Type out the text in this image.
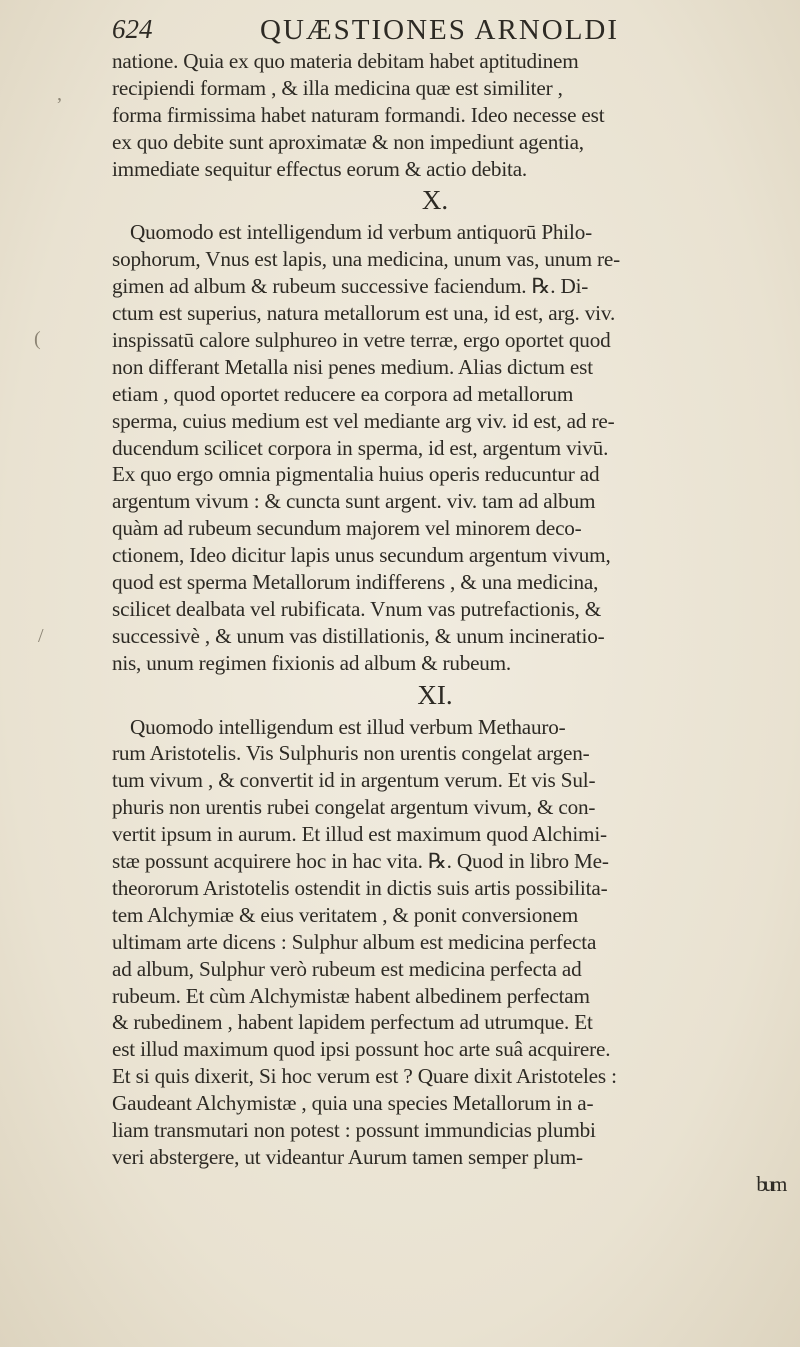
624	QUÆSTIONES ARNOLDI
,
(
/
natione. Quia ex quo materia debitam habet aptitudinem
recipiendi formam , & illa medicina quæ est similiter ,
forma firmissima habet naturam formandi. Ideo necesse est
ex quo debite sunt aproximatæ & non impediunt agentia,
immediate sequitur effectus eorum & actio debita.
X.
Quomodo est intelligendum id verbum antiquorū Philo-
sophorum, Vnus est lapis, una medicina, unum vas, unum re-
gimen ad album & rubeum successive faciendum. ℞. Di-
ctum est superius, natura metallorum est una, id est, arg. viv.
inspissatū calore sulphureo in vetre terræ, ergo oportet quod
non differant Metalla nisi penes medium. Alias dictum est
etiam , quod oportet reducere ea corpora ad metallorum
sperma, cuius medium est vel mediante arg viv. id est, ad re-
ducendum scilicet corpora in sperma, id est, argentum vivū.
Ex quo ergo omnia pigmentalia huius operis reducuntur ad
argentum vivum : & cuncta sunt argent. viv. tam ad album
quàm ad rubeum secundum majorem vel minorem deco-
ctionem, Ideo dicitur lapis unus secundum argentum vivum,
quod est sperma Metallorum indifferens , & una medicina,
scilicet dealbata vel rubificata. Vnum vas putrefactionis, &
successivè , & unum vas distillationis, & unum incineratio-
nis, unum regimen fixionis ad album & rubeum.
XI.
Quomodo intelligendum est illud verbum Methauro-
rum Aristotelis. Vis Sulphuris non urentis congelat argen-
tum vivum , & convertit id in argentum verum. Et vis Sul-
phuris non urentis rubei congelat argentum vivum, & con-
vertit ipsum in aurum. Et illud est maximum quod Alchimi-
stæ possunt acquirere hoc in hac vita. ℞. Quod in libro Me-
theororum Aristotelis ostendit in dictis suis artis possibilita-
tem Alchymiæ & eius veritatem , & ponit conversionem
ultimam arte dicens : Sulphur album est medicina perfecta
ad album, Sulphur verò rubeum est medicina perfecta ad
rubeum. Et cùm Alchymistæ habent albedinem perfectam
& rubedinem , habent lapidem perfectum ad utrumque. Et
est illud maximum quod ipsi possunt hoc arte suâ acquirere.
Et si quis dixerit, Si hoc verum est ? Quare dixit Aristoteles :
Gaudeant Alchymistæ , quia una species Metallorum in a-
liam transmutari non potest : possunt immundicias plumbi
veri abstergere, ut videantur Aurum tamen semper plum-
bum
